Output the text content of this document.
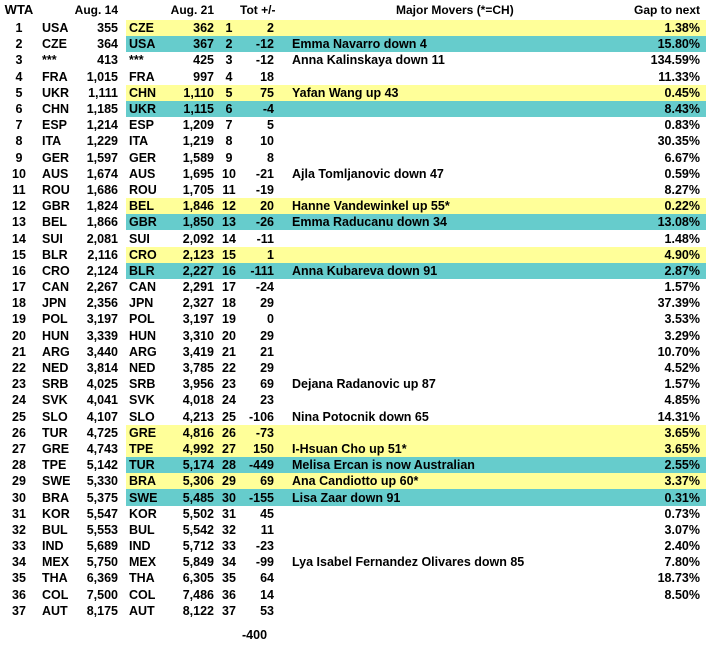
WTA		Aug. 14			Aug. 21		Tot +/-	Major Movers (*=CH)	Gap to next
1	USA	355		CZE	362	1	2		1.38%
2	CZE	364		USA	367	2	-12	Emma Navarro down 4	15.80%
3	***	413		***	425	3	-12	Anna Kalinskaya down 11	134.59%
4	FRA	1,015		FRA	997	4	18		11.33%
5	UKR	1,111		CHN	1,110	5	75	Yafan Wang up 43	0.45%
6	CHN	1,185		UKR	1,115	6	-4		8.43%
7	ESP	1,214		ESP	1,209	7	5		0.83%
8	ITA	1,229		ITA	1,219	8	10		30.35%
9	GER	1,597		GER	1,589	9	8		6.67%
10	AUS	1,674		AUS	1,695	10	-21	Ajla Tomljanovic down 47	0.59%
11	ROU	1,686		ROU	1,705	11	-19		8.27%
12	GBR	1,824		BEL	1,846	12	20	Hanne Vandewinkel up 55*	0.22%
13	BEL	1,866		GBR	1,850	13	-26	Emma Raducanu down 34	13.08%
14	SUI	2,081		SUI	2,092	14	-11		1.48%
15	BLR	2,116		CRO	2,123	15	1		4.90%
16	CRO	2,124		BLR	2,227	16	-111	Anna Kubareva down 91	2.87%
17	CAN	2,267		CAN	2,291	17	-24		1.57%
18	JPN	2,356		JPN	2,327	18	29		37.39%
19	POL	3,197		POL	3,197	19	0		3.53%
20	HUN	3,339		HUN	3,310	20	29		3.29%
21	ARG	3,440		ARG	3,419	21	21		10.70%
22	NED	3,814		NED	3,785	22	29		4.52%
23	SRB	4,025		SRB	3,956	23	69	Dejana Radanovic up 87	1.57%
24	SVK	4,041		SVK	4,018	24	23		4.85%
25	SLO	4,107		SLO	4,213	25	-106	Nina Potocnik down 65	14.31%
26	TUR	4,725		GRE	4,816	26	-73		3.65%
27	GRE	4,743		TPE	4,992	27	150	I-Hsuan Cho up 51*	3.65%
28	TPE	5,142		TUR	5,174	28	-449	Melisa Ercan is now Australian	2.55%
29	SWE	5,330		BRA	5,306	29	69	Ana Candiotto up 60*	3.37%
30	BRA	5,375		SWE	5,485	30	-155	Lisa Zaar down 91	0.31%
31	KOR	5,547		KOR	5,502	31	45		0.73%
32	BUL	5,553		BUL	5,542	32	11		3.07%
33	IND	5,689		IND	5,712	33	-23		2.40%
34	MEX	5,750		MEX	5,849	34	-99	Lya Isabel Fernandez Olivares down 85	7.80%
35	THA	6,369		THA	6,305	35	64		18.73%
36	COL	7,500		COL	7,486	36	14		8.50%
37	AUT	8,175		AUT	8,122	37	53		

							-400		
